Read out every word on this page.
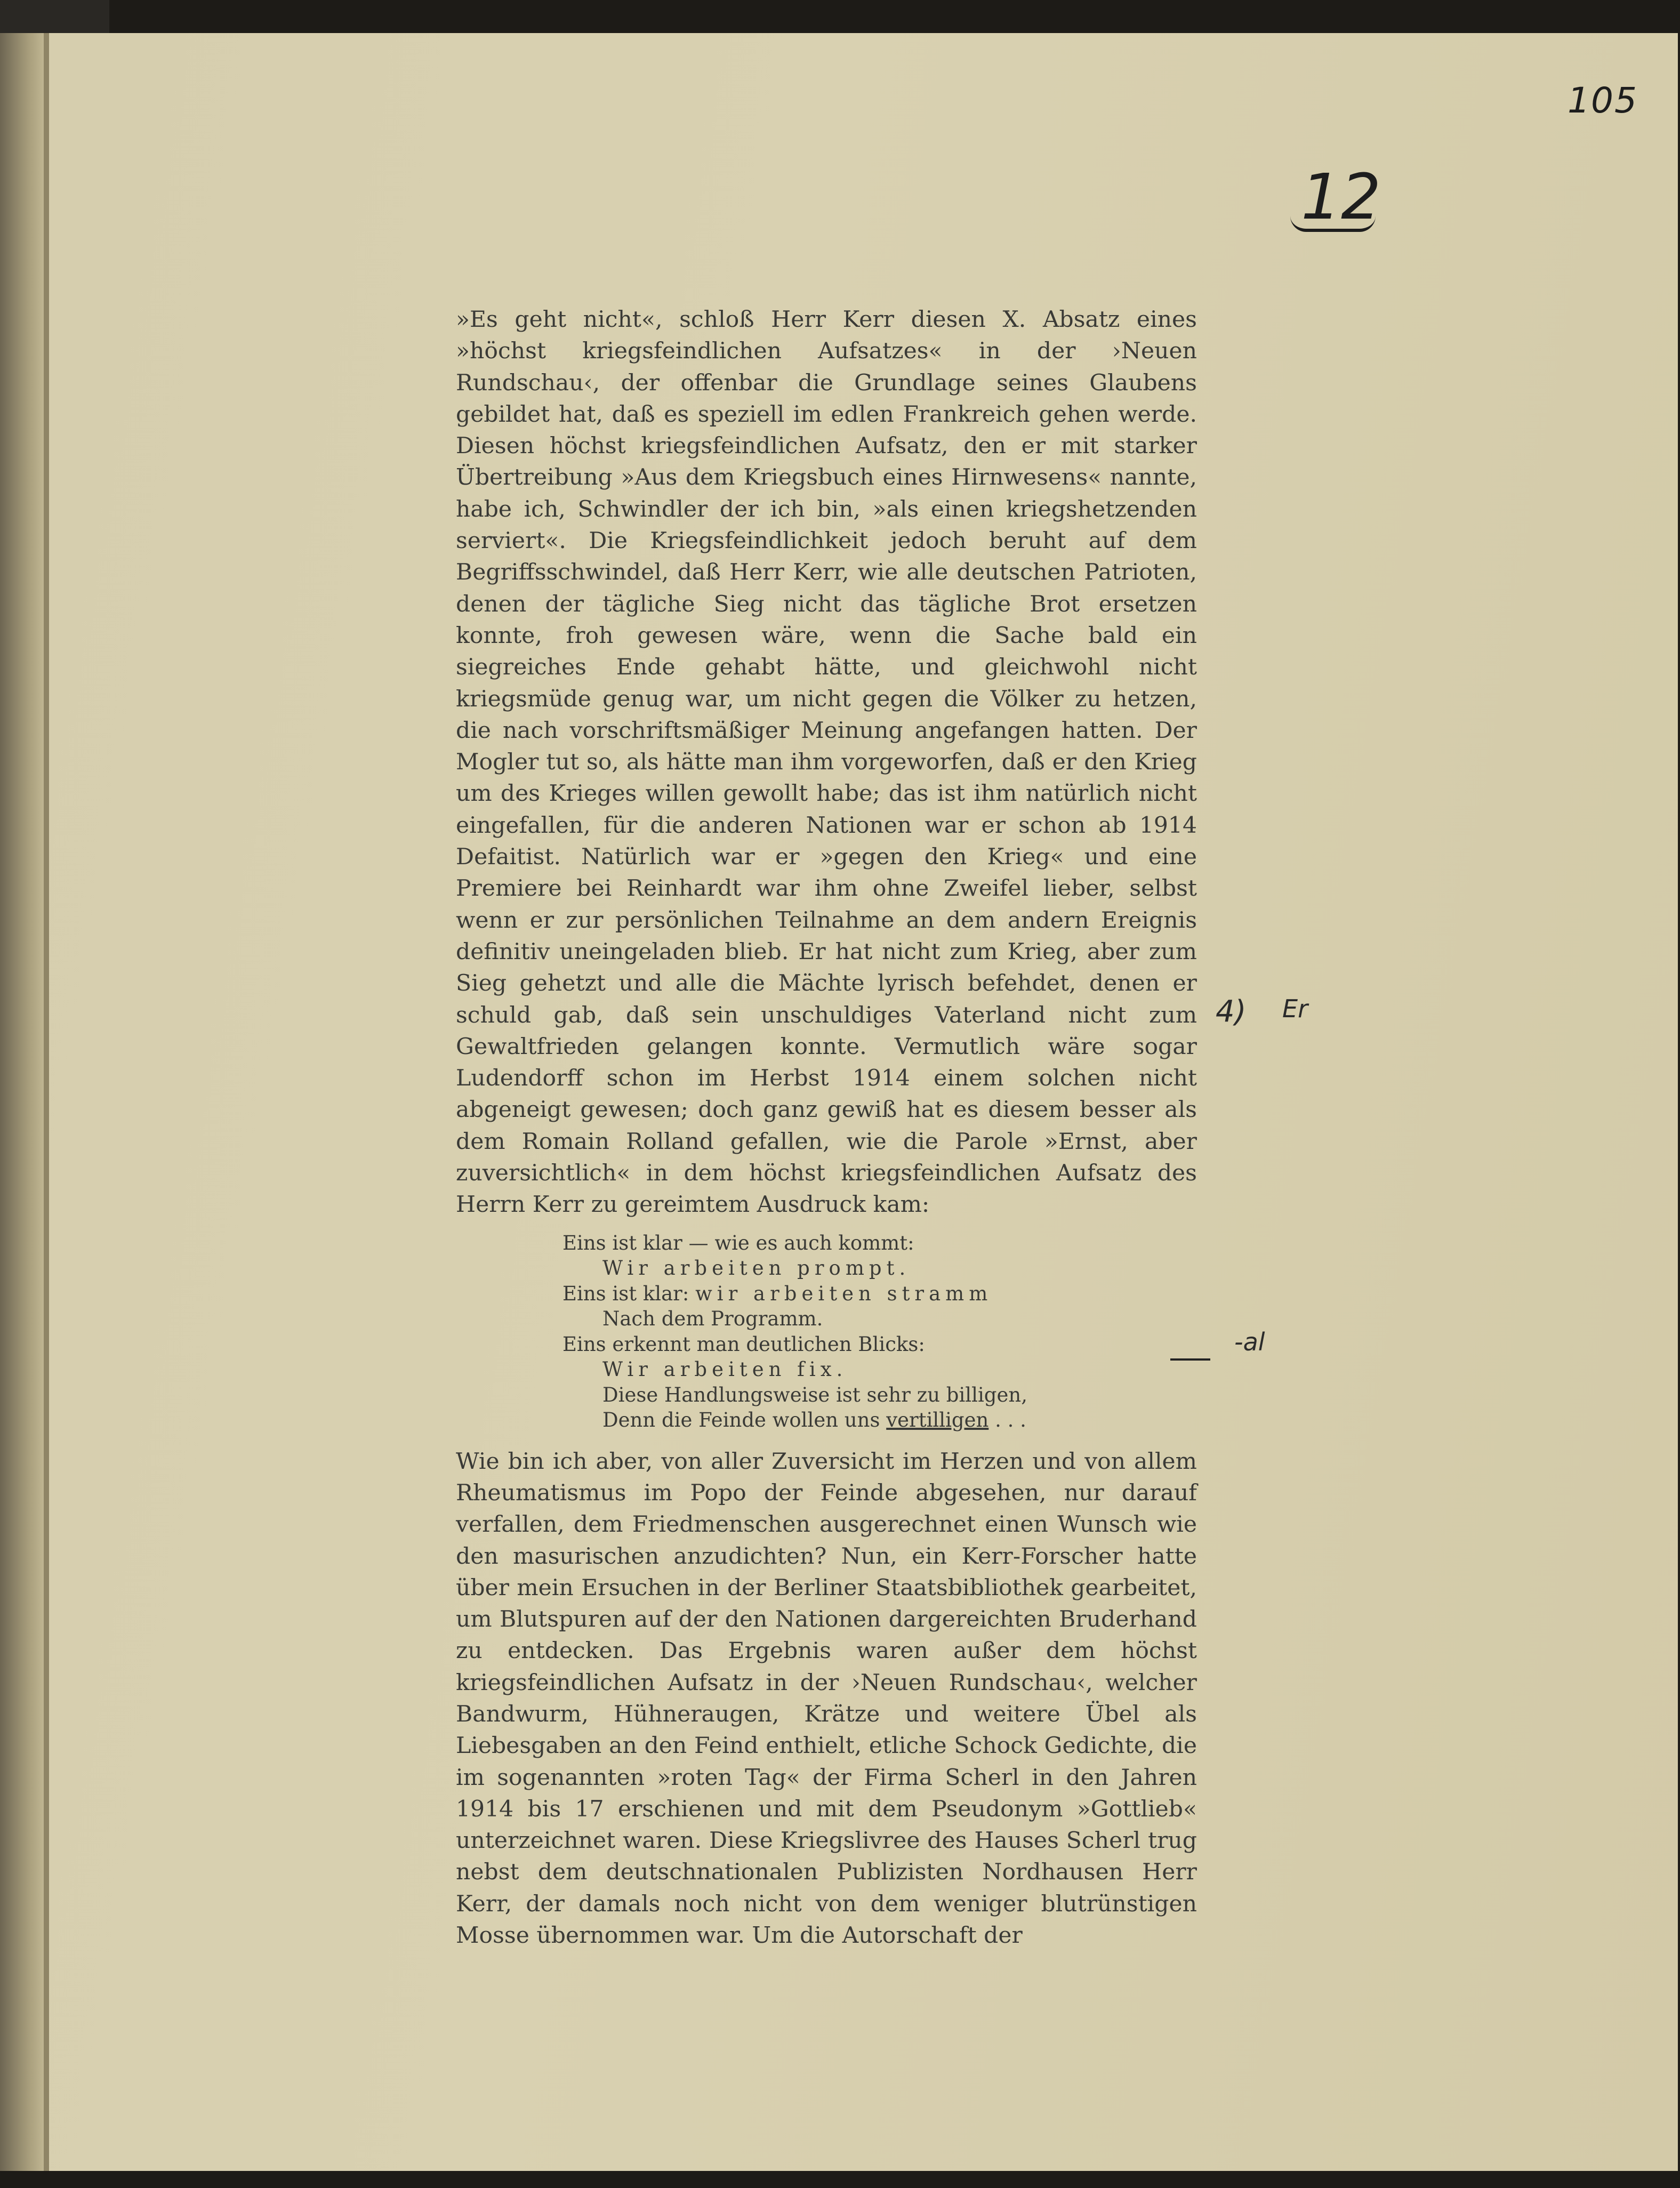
105
12

»Es geht nicht«, schloß Herr Kerr diesen X. Absatz eines »höchst kriegsfeindlichen Aufsatzes« in der ›Neuen Rundschau‹, der offenbar die Grundlage seines Glaubens gebildet hat, daß es speziell im edlen Frankreich gehen werde. Diesen höchst kriegsfeindlichen Aufsatz, den er mit starker Übertreibung »Aus dem Kriegsbuch eines Hirnwesens« nannte, habe ich, Schwindler der ich bin, »als einen kriegshetzenden serviert«. Die Kriegsfeindlichkeit jedoch beruht auf dem Begriffsschwindel, daß Herr Kerr, wie alle deutschen Patrioten, denen der tägliche Sieg nicht das tägliche Brot ersetzen konnte, froh gewesen wäre, wenn die Sache bald ein siegreiches Ende gehabt hätte, und gleichwohl nicht kriegsmüde genug war, um nicht gegen die Völker zu hetzen, die nach vorschriftsmäßiger Meinung angefangen hatten. Der Mogler tut so, als hätte man ihm vorgeworfen, daß er den Krieg um des Krieges willen gewollt habe; das ist ihm natürlich nicht eingefallen, für die anderen Nationen war er schon ab 1914 Defaitist. Natürlich war er »gegen den Krieg« und eine Premiere bei Reinhardt war ihm ohne Zweifel lieber, selbst wenn er zur persönlichen Teilnahme an dem andern Ereignis definitiv uneingeladen blieb. Er hat nicht zum Krieg, aber zum Sieg gehetzt und alle die Mächte lyrisch befehdet, denen er schuld gab, daß sein unschuldiges Vaterland nicht zum Gewaltfrieden gelangen konnte. Vermutlich wäre sogar Ludendorff schon im Herbst 1914 einem solchen nicht abgeneigt gewesen; doch ganz gewiß hat es diesem besser als dem Romain Rolland gefallen, wie die Parole »Ernst, aber zuversichtlich« in dem höchst kriegsfeindlichen Aufsatz des Herrn Kerr zu gereimtem Ausdruck kam:

Eins ist klar — wie es auch kommt:
Wir arbeiten prompt.
Eins ist klar: wir arbeiten stramm
Nach dem Programm.
Eins erkennt man deutlichen Blicks:
Wir arbeiten fix.
Diese Handlungsweise ist sehr zu billigen,
Denn die Feinde wollen uns vertilligen . . .

Wie bin ich aber, von aller Zuversicht im Herzen und von allem Rheumatismus im Popo der Feinde abgesehen, nur darauf verfallen, dem Friedmenschen ausgerechnet einen Wunsch wie den masurischen anzudichten? Nun, ein Kerr-Forscher hatte über mein Ersuchen in der Berliner Staatsbibliothek gearbeitet, um Blutspuren auf der den Nationen dargereichten Bruderhand zu entdecken. Das Ergebnis waren außer dem höchst kriegsfeindlichen Aufsatz in der ›Neuen Rundschau‹, welcher Bandwurm, Hühneraugen, Krätze und weitere Übel als Liebesgaben an den Feind enthielt, etliche Schock Gedichte, die im sogenannten »roten Tag« der Firma Scherl in den Jahren 1914 bis 17 erschienen und mit dem Pseudonym »Gottlieb« unterzeichnet waren. Diese Kriegslivree des Hauses Scherl trug nebst dem deutschnationalen Publizisten Nordhausen Herr Kerr, der damals noch nicht von dem weniger blutrünstigen Mosse übernommen war. Um die Autorschaft der

4) Er
-al
